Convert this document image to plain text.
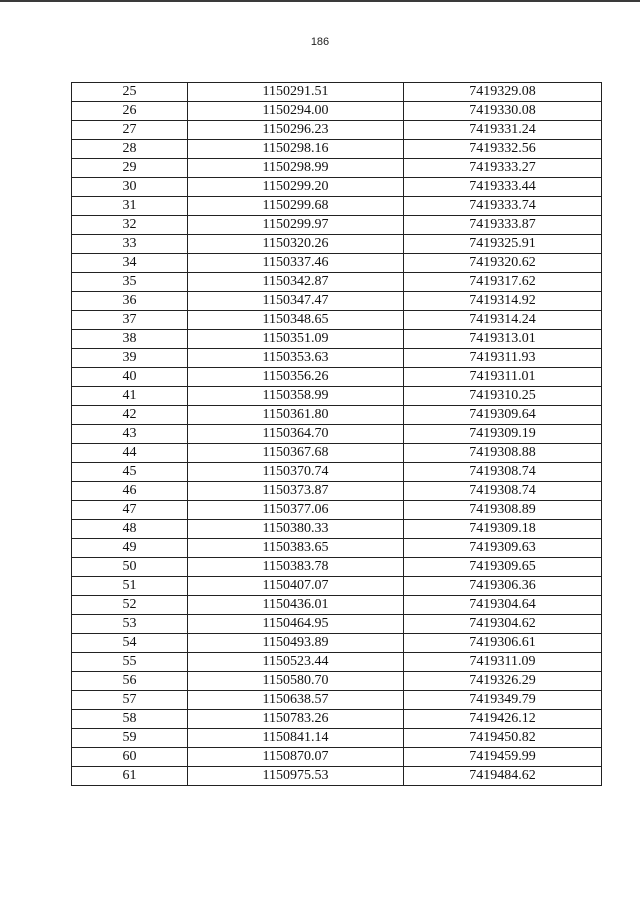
186
25	1150291.51	7419329.08
26	1150294.00	7419330.08
27	1150296.23	7419331.24
28	1150298.16	7419332.56
29	1150298.99	7419333.27
30	1150299.20	7419333.44
31	1150299.68	7419333.74
32	1150299.97	7419333.87
33	1150320.26	7419325.91
34	1150337.46	7419320.62
35	1150342.87	7419317.62
36	1150347.47	7419314.92
37	1150348.65	7419314.24
38	1150351.09	7419313.01
39	1150353.63	7419311.93
40	1150356.26	7419311.01
41	1150358.99	7419310.25
42	1150361.80	7419309.64
43	1150364.70	7419309.19
44	1150367.68	7419308.88
45	1150370.74	7419308.74
46	1150373.87	7419308.74
47	1150377.06	7419308.89
48	1150380.33	7419309.18
49	1150383.65	7419309.63
50	1150383.78	7419309.65
51	1150407.07	7419306.36
52	1150436.01	7419304.64
53	1150464.95	7419304.62
54	1150493.89	7419306.61
55	1150523.44	7419311.09
56	1150580.70	7419326.29
57	1150638.57	7419349.79
58	1150783.26	7419426.12
59	1150841.14	7419450.82
60	1150870.07	7419459.99
61	1150975.53	7419484.62
